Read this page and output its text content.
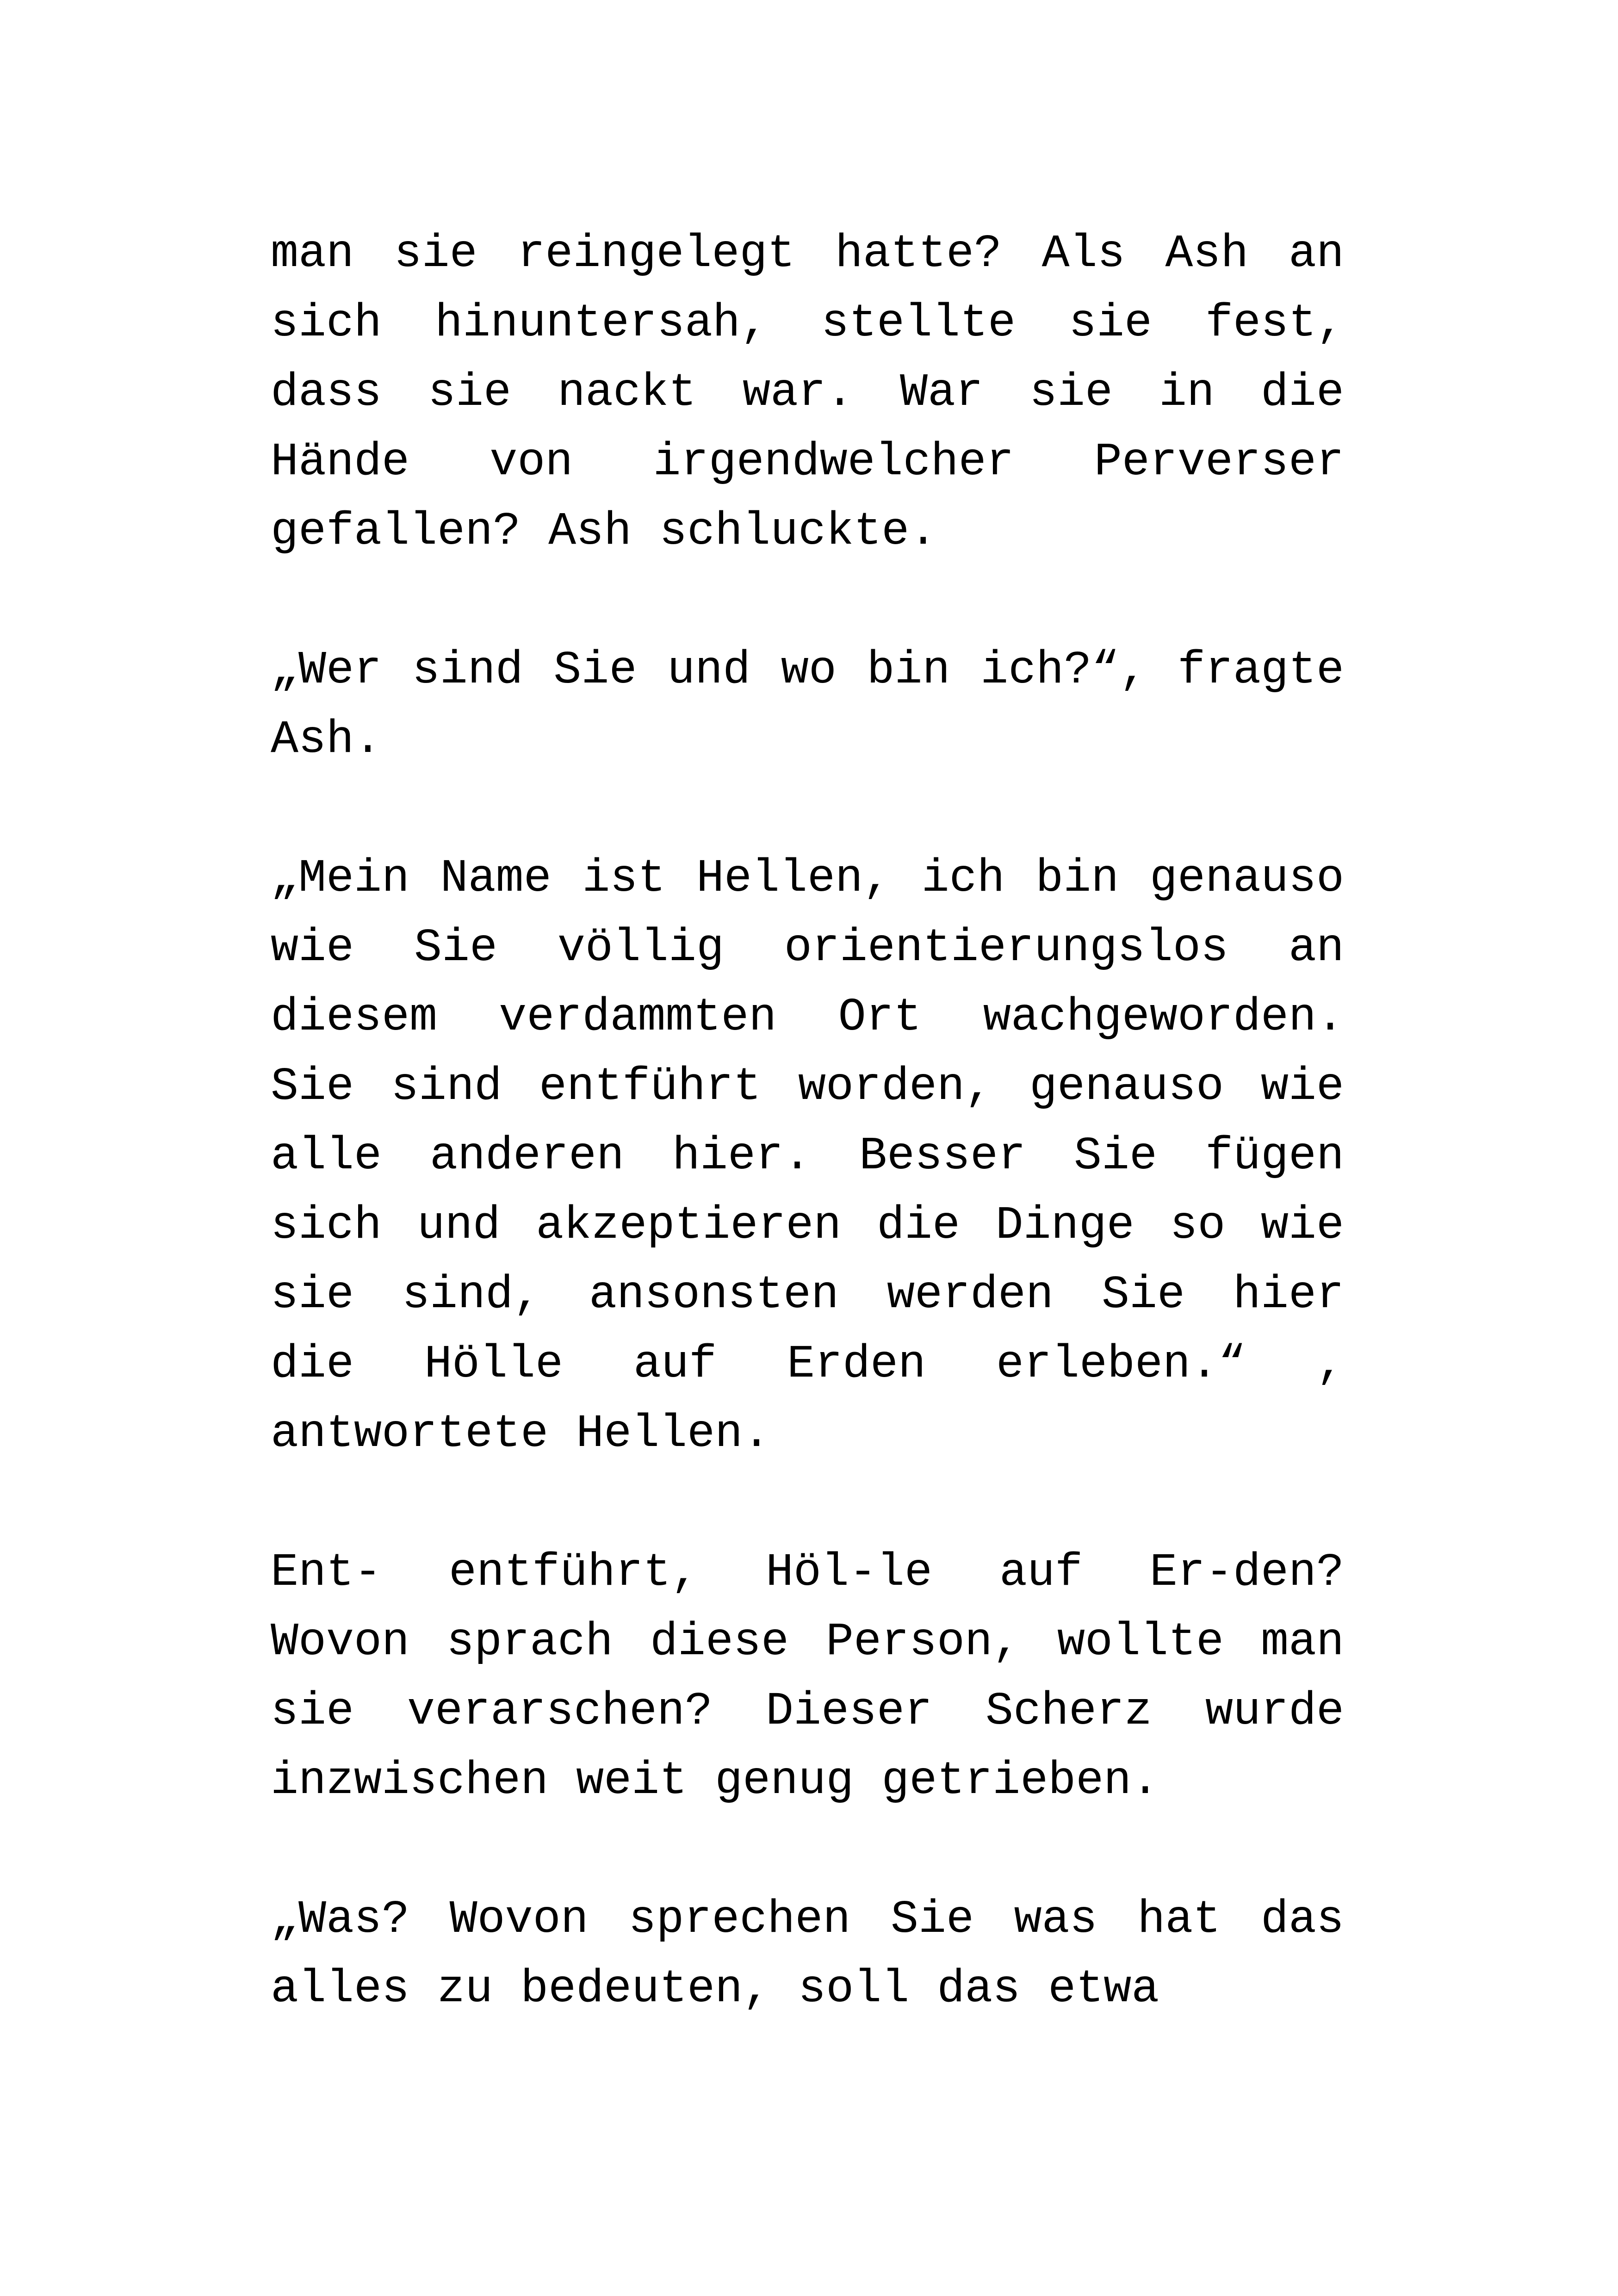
man sie reingelegt hatte? Als Ash an sich hinuntersah, stellte sie fest, dass sie nackt war. War sie in die Hände von irgendwelcher Perverser gefallen? Ash schluckte.

„Wer sind Sie und wo bin ich?“, fragte Ash.

„Mein Name ist Hellen, ich bin genauso wie Sie völlig orientierungslos an diesem verdammten Ort wachgeworden. Sie sind entführt worden, genauso wie alle anderen hier. Besser Sie fügen sich und akzeptieren die Dinge so wie sie sind, ansonsten werden Sie hier die Hölle auf Erden erleben.“ , antwortete Hellen.

Ent- entführt, Höl-le auf Er-den? Wovon sprach diese Person, wollte man sie verarschen? Dieser Scherz wurde inzwischen weit genug getrieben.

„Was? Wovon sprechen Sie was hat das alles zu bedeuten, soll das etwa
